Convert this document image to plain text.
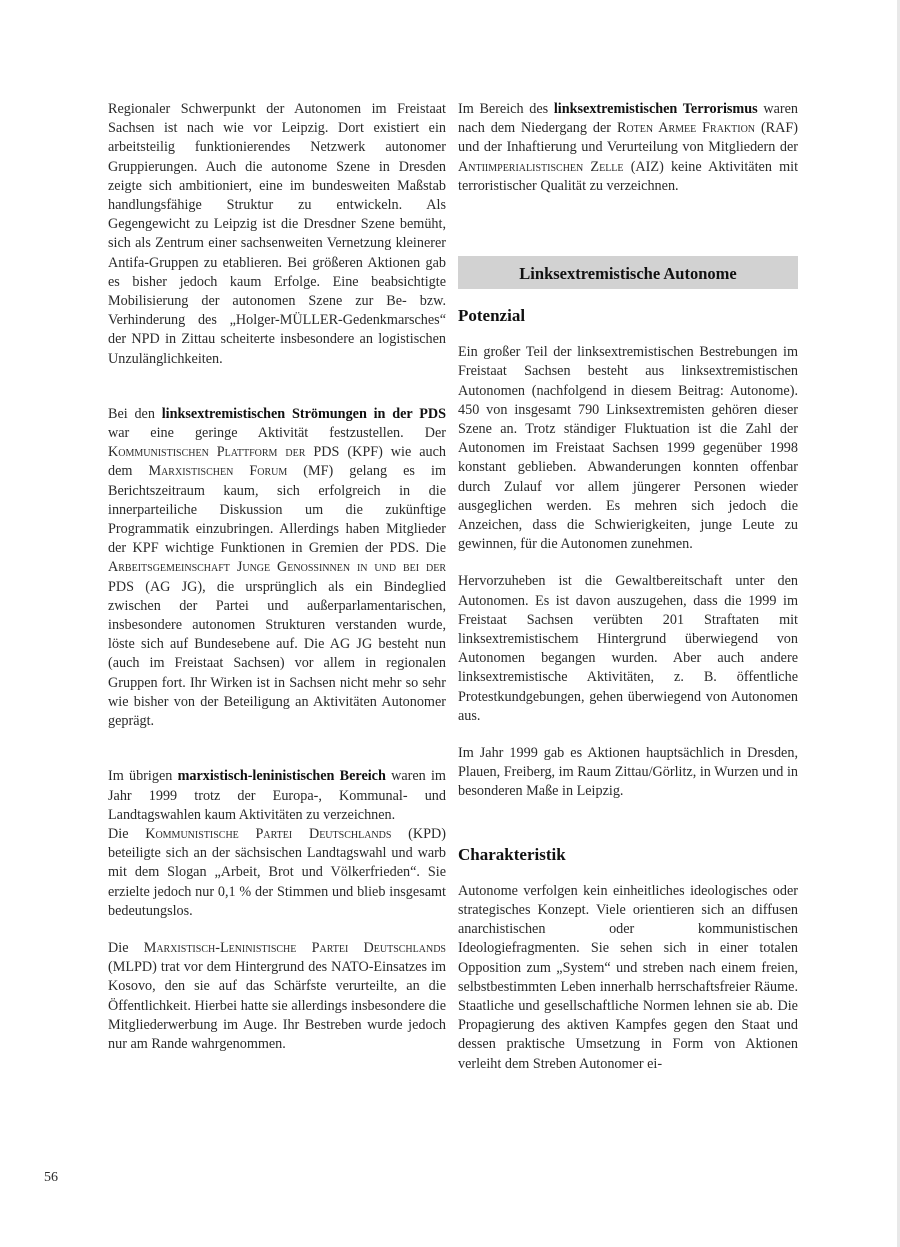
Regionaler Schwerpunkt der Autonomen im Freistaat Sachsen ist nach wie vor Leipzig. Dort existiert ein arbeitsteilig funktionierendes Netzwerk autonomer Gruppierungen. Auch die autonome Szene in Dresden zeigte sich ambitioniert, eine im bundesweiten Maßstab handlungsfähige Struktur zu entwickeln. Als Gegengewicht zu Leipzig ist die Dresdner Szene bemüht, sich als Zentrum einer sachsenweiten Vernetzung kleinerer Antifa-Gruppen zu etablieren. Bei größeren Aktionen gab es bisher jedoch kaum Erfolge. Eine beabsichtigte Mobilisierung der autonomen Szene zur Be- bzw. Verhinderung des „Holger-MÜLLER-Gedenkmarsches“ der NPD in Zittau scheiterte insbesondere an logistischen Unzulänglichkeiten.

Bei den linksextremistischen Strömungen in der PDS war eine geringe Aktivität festzustellen. Der Kommunistischen Plattform der PDS (KPF) wie auch dem Marxistischen Forum (MF) gelang es im Berichtszeitraum kaum, sich erfolgreich in die innerparteiliche Diskussion um die zukünftige Programmatik einzubringen. Allerdings haben Mitglieder der KPF wichtige Funktionen in Gremien der PDS. Die Arbeitsgemeinschaft Junge Genossinnen in und bei der PDS (AG JG), die ursprünglich als ein Bindeglied zwischen der Partei und außerparlamentarischen, insbesondere autonomen Strukturen verstanden wurde, löste sich auf Bundesebene auf. Die AG JG besteht nun (auch im Freistaat Sachsen) vor allem in regionalen Gruppen fort. Ihr Wirken ist in Sachsen nicht mehr so sehr wie bisher von der Beteiligung an Aktivitäten Autonomer geprägt.

Im übrigen marxistisch-leninistischen Bereich waren im Jahr 1999 trotz der Europa-, Kommunal- und Landtagswahlen kaum Aktivitäten zu verzeichnen.

Die Kommunistische Partei Deutschlands (KPD) beteiligte sich an der sächsischen Landtagswahl und warb mit dem Slogan „Arbeit, Brot und Völkerfrieden“. Sie erzielte jedoch nur 0,1 % der Stimmen und blieb insgesamt bedeutungslos.

Die Marxistisch-Leninistische Partei Deutschlands (MLPD) trat vor dem Hintergrund des NATO-Einsatzes im Kosovo, den sie auf das Schärfste verurteilte, an die Öffentlichkeit. Hierbei hatte sie allerdings insbesondere die Mitgliederwerbung im Auge. Ihr Bestreben wurde jedoch nur am Rande wahrgenommen.

Im Bereich des linksextremistischen Terrorismus waren nach dem Niedergang der Roten Armee Fraktion (RAF) und der Inhaftierung und Verurteilung von Mitgliedern der Antiimperialistischen Zelle (AIZ) keine Aktivitäten mit terroristischer Qualität zu verzeichnen.

Linksextremistische Autonome
Potenzial

Ein großer Teil der linksextremistischen Bestrebungen im Freistaat Sachsen besteht aus linksextremistischen Autonomen (nachfolgend in diesem Beitrag: Autonome). 450 von insgesamt 790 Linksextremisten gehören dieser Szene an. Trotz ständiger Fluktuation ist die Zahl der Autonomen im Freistaat Sachsen 1999 gegenüber 1998 konstant geblieben. Abwanderungen konnten offenbar durch Zulauf vor allem jüngerer Personen wieder ausgeglichen werden. Es mehren sich jedoch die Anzeichen, dass die Schwierigkeiten, junge Leute zu gewinnen, für die Autonomen zunehmen.

Hervorzuheben ist die Gewaltbereitschaft unter den Autonomen. Es ist davon auszugehen, dass die 1999 im Freistaat Sachsen verübten 201 Straftaten mit linksextremistischem Hintergrund überwiegend von Autonomen begangen wurden. Aber auch andere linksextremistische Aktivitäten, z. B. öffentliche Protestkundgebungen, gehen überwiegend von Autonomen aus.

Im Jahr 1999 gab es Aktionen hauptsächlich in Dresden, Plauen, Freiberg, im Raum Zittau/Görlitz, in Wurzen und in besonderen Maße in Leipzig.

Charakteristik

Autonome verfolgen kein einheitliches ideologisches oder strategisches Konzept. Viele orientieren sich an diffusen anarchistischen oder kommunistischen Ideologiefragmenten. Sie sehen sich in einer totalen Opposition zum „System“ und streben nach einem freien, selbstbestimmten Leben innerhalb herrschaftsfreier Räume. Staatliche und gesellschaftliche Normen lehnen sie ab. Die Propagierung des aktiven Kampfes gegen den Staat und dessen praktische Umsetzung in Form von Aktionen verleiht dem Streben Autonomer ei-

56
